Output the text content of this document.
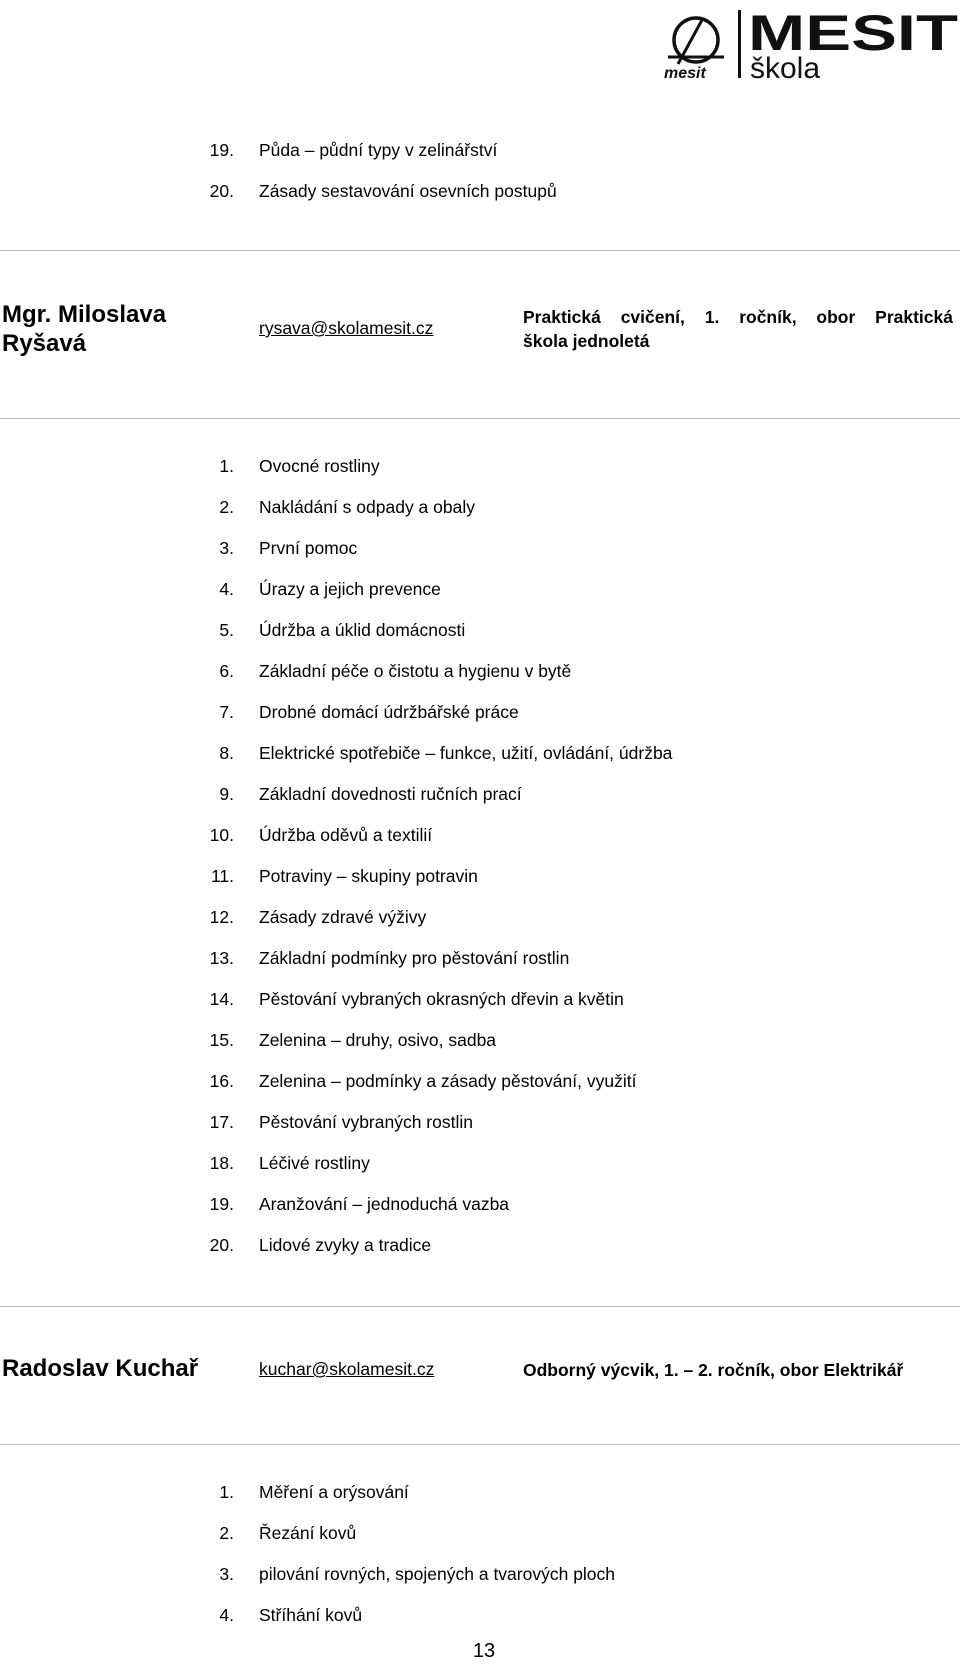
mesit
MESIT
škola
19. Půda – půdní typy v zelinářství
20. Zásady sestavování osevních postupů
Mgr. Miloslava
Ryšavá
rysava@skolamesit.cz
Praktická cvičení, 1. ročník, obor Praktická
škola jednoletá
1. Ovocné rostliny
2. Nakládání s odpady a obaly
3. První pomoc
4. Úrazy a jejich prevence
5. Údržba a úklid domácnosti
6. Základní péče o čistotu a hygienu v bytě
7. Drobné domácí údržbářské práce
8. Elektrické spotřebiče – funkce, užití, ovládání, údržba
9. Základní dovednosti ručních prací
10. Údržba oděvů a textilií
11. Potraviny – skupiny potravin
12. Zásady zdravé výživy
13. Základní podmínky pro pěstování rostlin
14. Pěstování vybraných okrasných dřevin a květin
15. Zelenina – druhy, osivo, sadba
16. Zelenina – podmínky a zásady pěstování, využití
17. Pěstování vybraných rostlin
18. Léčivé rostliny
19. Aranžování – jednoduchá vazba
20. Lidové zvyky a tradice
Radoslav Kuchař	kuchar@skolamesit.cz	Odborný výcvik, 1. – 2. ročník, obor Elektrikář
1. Měření a orýsování
2. Řezání kovů
3. pilování rovných, spojených a tvarových ploch
4. Stříhání kovů
13
